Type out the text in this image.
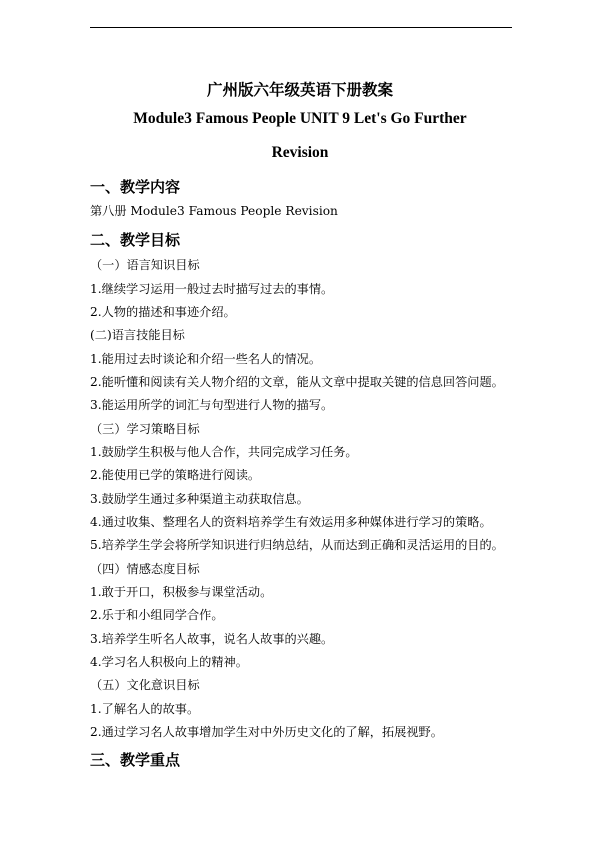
广州版六年级英语下册教案
Module3 Famous People UNIT 9 Let's Go Further
Revision
一、教学内容
第八册 Module3 Famous People Revision
二、教学目标
（一）语言知识目标
1.继续学习运用一般过去时描写过去的事情。
2.人物的描述和事迹介绍。
(二)语言技能目标
1.能用过去时谈论和介绍一些名人的情况。
2.能听懂和阅读有关人物介绍的文章，能从文章中提取关键的信息回答问题。
3.能运用所学的词汇与句型进行人物的描写。
（三）学习策略目标
1.鼓励学生积极与他人合作，共同完成学习任务。
2.能使用已学的策略进行阅读。
3.鼓励学生通过多种渠道主动获取信息。
4.通过收集、整理名人的资料培养学生有效运用多种媒体进行学习的策略。
5.培养学生学会将所学知识进行归纳总结，从而达到正确和灵活运用的目的。
（四）情感态度目标
1.敢于开口，积极参与课堂活动。
2.乐于和小组同学合作。
3.培养学生听名人故事，说名人故事的兴趣。
4.学习名人积极向上的精神。
（五）文化意识目标
1.了解名人的故事。
2.通过学习名人故事增加学生对中外历史文化的了解，拓展视野。
三、教学重点
